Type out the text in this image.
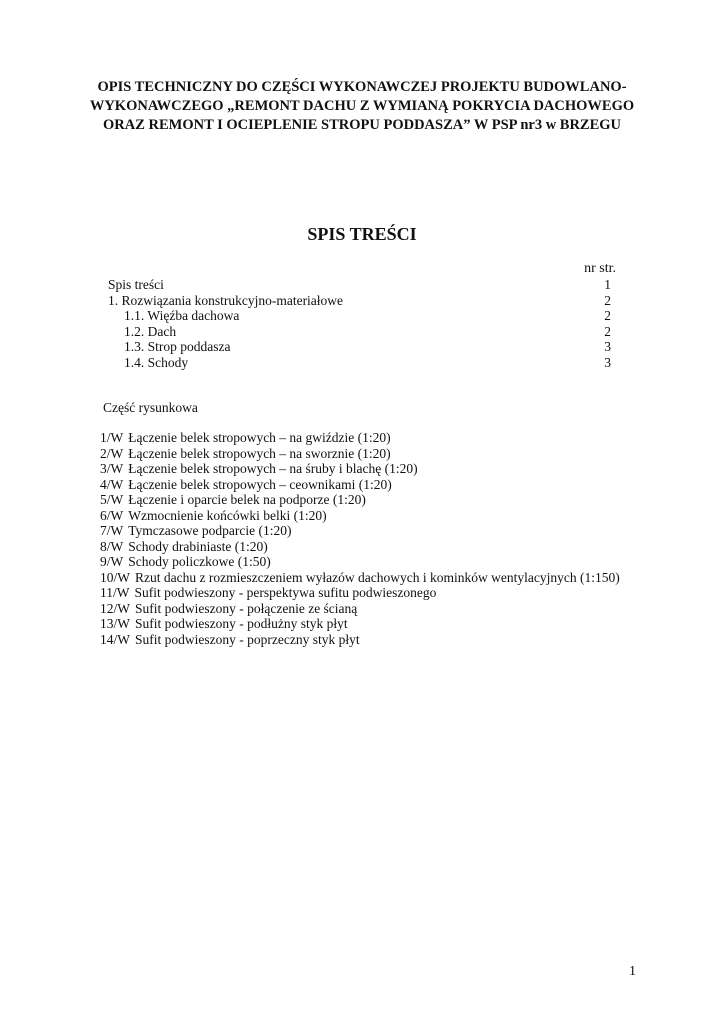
OPIS TECHNICZNY DO CZĘŚCI WYKONAWCZEJ PROJEKTU BUDOWLANO-
WYKONAWCZEGO „REMONT DACHU Z WYMIANĄ POKRYCIA DACHOWEGO
ORAZ REMONT I OCIEPLENIE STROPU PODDASZA” W PSP nr3 w BRZEGU
SPIS TREŚCI
nr str.
Spis treści	1
1. Rozwiązania konstrukcyjno-materiałowe	2
1.1. Więźba dachowa	2
1.2. Dach	2
1.3. Strop poddasza	3
1.4. Schody	3
Część rysunkowa
1/W Łączenie belek stropowych – na gwiździe (1:20)
2/W Łączenie belek stropowych – na sworznie (1:20)
3/W Łączenie belek stropowych – na śruby i blachę (1:20)
4/W Łączenie belek stropowych – ceownikami (1:20)
5/W Łączenie i oparcie belek na podporze (1:20)
6/W Wzmocnienie końcówki belki (1:20)
7/W Tymczasowe podparcie (1:20)
8/W Schody drabiniaste (1:20)
9/W Schody policzkowe (1:50)
10/W Rzut dachu z rozmieszczeniem wyłazów dachowych i kominków wentylacyjnych (1:150)
11/W Sufit podwieszony - perspektywa sufitu podwieszonego
12/W Sufit podwieszony - połączenie ze ścianą
13/W Sufit podwieszony - podłużny styk płyt
14/W Sufit podwieszony - poprzeczny styk płyt
1
